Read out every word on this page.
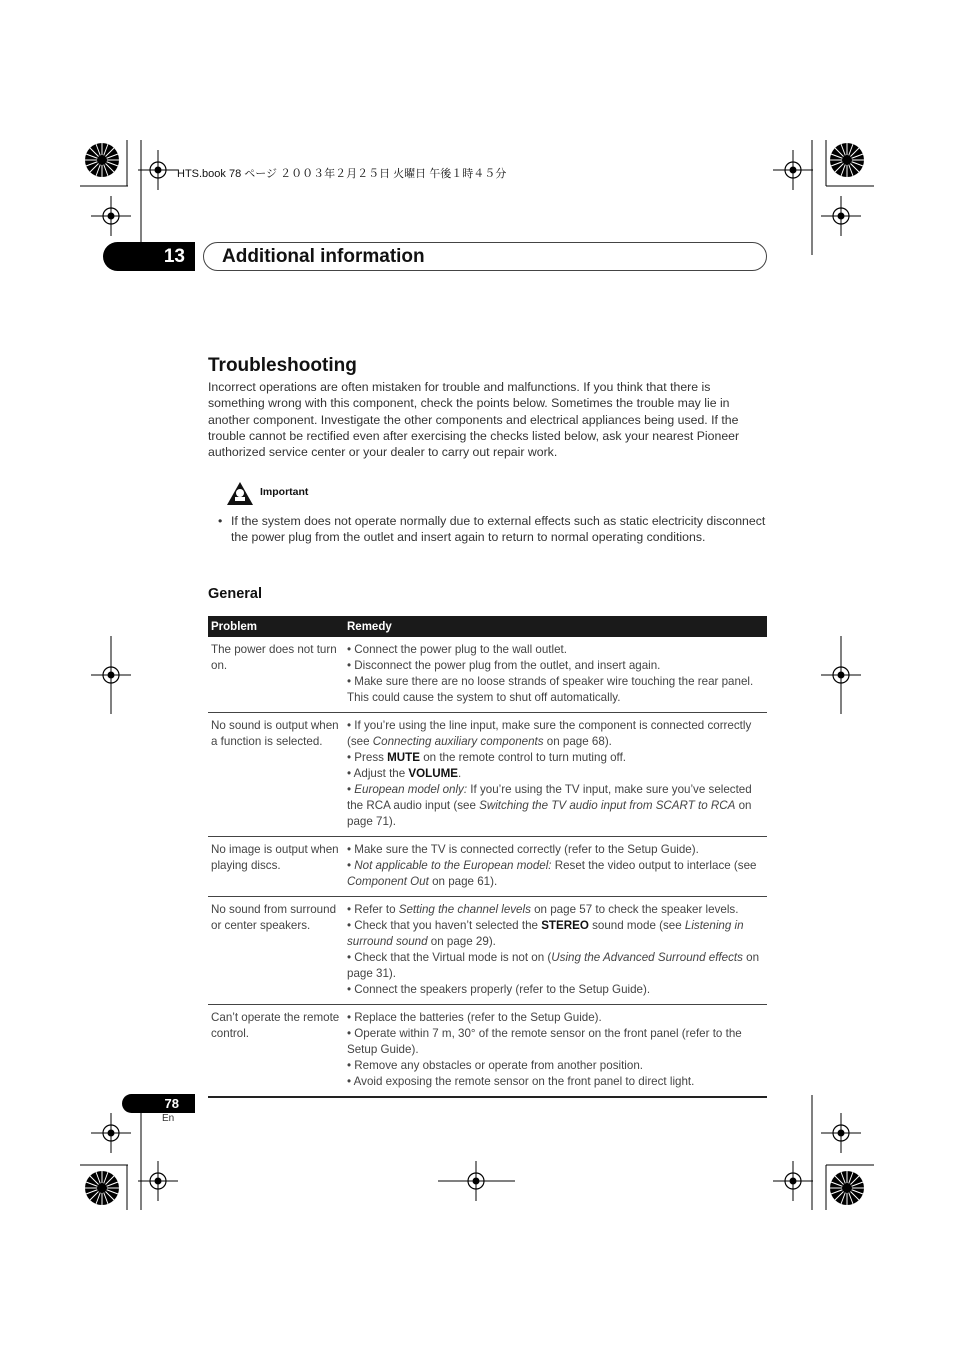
HTS.book 78 ページ ２００３年２月２５日 火曜日 午後１時４５分
13	Additional information
Troubleshooting

Incorrect operations are often mistaken for trouble and malfunctions. If you think that there is something wrong with this component, check the points below. Sometimes the trouble may lie in another component. Investigate the other components and electrical appliances being used. If the trouble cannot be rectified even after exercising the checks listed below, ask your nearest Pioneer authorized service center or your dealer to carry out repair work.

Important
• If the system does not operate normally due to external effects such as static electricity disconnect the power plug from the outlet and insert again to return to normal operating conditions.
General
Problem	Remedy
The power does not turn on.	• Connect the power plug to the wall outlet.
• Disconnect the power plug from the outlet, and insert again.
• Make sure there are no loose strands of speaker wire touching the rear panel. This could cause the system to shut off automatically.

No sound is output when a function is selected.	• If you’re using the line input, make sure the component is connected correctly (see Connecting auxiliary components on page 68).
• Press MUTE on the remote control to turn muting off.
• Adjust the VOLUME.
• European model only: If you’re using the TV input, make sure you’ve selected the RCA audio input (see Switching the TV audio input from SCART to RCA on page 71).

No image is output when playing discs.	• Make sure the TV is connected correctly (refer to the Setup Guide).
• Not applicable to the European model: Reset the video output to interlace (see Component Out on page 61).

No sound from surround or center speakers.	• Refer to Setting the channel levels on page 57 to check the speaker levels.
• Check that you haven’t selected the STEREO sound mode (see Listening in surround sound on page 29).
• Check that the Virtual mode is not on (Using the Advanced Surround effects on page 31).
• Connect the speakers properly (refer to the Setup Guide).

Can’t operate the remote control.	• Replace the batteries (refer to the Setup Guide).
• Operate within 7 m, 30° of the remote sensor on the front panel (refer to the Setup Guide).
• Remove any obstacles or operate from another position.
• Avoid exposing the remote sensor on the front panel to direct light.
78
En
